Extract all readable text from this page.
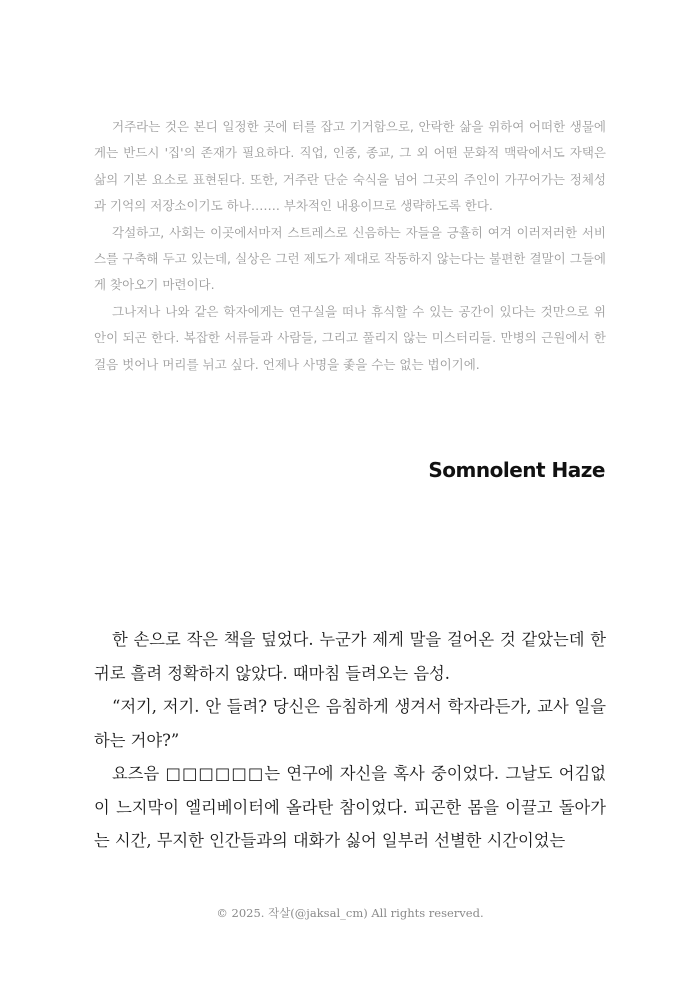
거주라는 것은 본디 일정한 곳에 터를 잡고 기거함으로, 안락한 삶을 위하여 어떠한 생물에게는 반드시 '집'의 존재가 필요하다. 직업, 인종, 종교, 그 외 어떤 문화적 맥락에서도 자택은 삶의 기본 요소로 표현된다. 또한, 거주란 단순 숙식을 넘어 그곳의 주인이 가꾸어가는 정체성과 기억의 저장소이기도 하나……. 부차적인 내용이므로 생략하도록 한다.

각설하고, 사회는 이곳에서마저 스트레스로 신음하는 자들을 긍휼히 여겨 이러저러한 서비스를 구축해 두고 있는데, 실상은 그런 제도가 제대로 작동하지 않는다는 불편한 결말이 그들에게 찾아오기 마련이다.

그나저나 나와 같은 학자에게는 연구실을 떠나 휴식할 수 있는 공간이 있다는 것만으로 위안이 되곤 한다. 복잡한 서류들과 사람들, 그리고 풀리지 않는 미스터리들. 만병의 근원에서 한 걸음 벗어나 머리를 뉘고 싶다. 언제나 사명을 좇을 수는 없는 법이기에.

Somnolent Haze

한 손으로 작은 책을 덮었다. 누군가 제게 말을 걸어온 것 같았는데 한 귀로 흘려 정확하지 않았다. 때마침 들려오는 음성.

“저기, 저기. 안 들려? 당신은 음침하게 생겨서 학자라든가, 교사 일을 하는 거야?”

요즈음 □□□□□□는 연구에 자신을 혹사 중이었다. 그날도 어김없이 느지막이 엘리베이터에 올라탄 참이었다. 피곤한 몸을 이끌고 돌아가는 시간, 무지한 인간들과의 대화가 싫어 일부러 선별한 시간이었는

© 2025. 작살(@jaksal_cm) All rights reserved.
